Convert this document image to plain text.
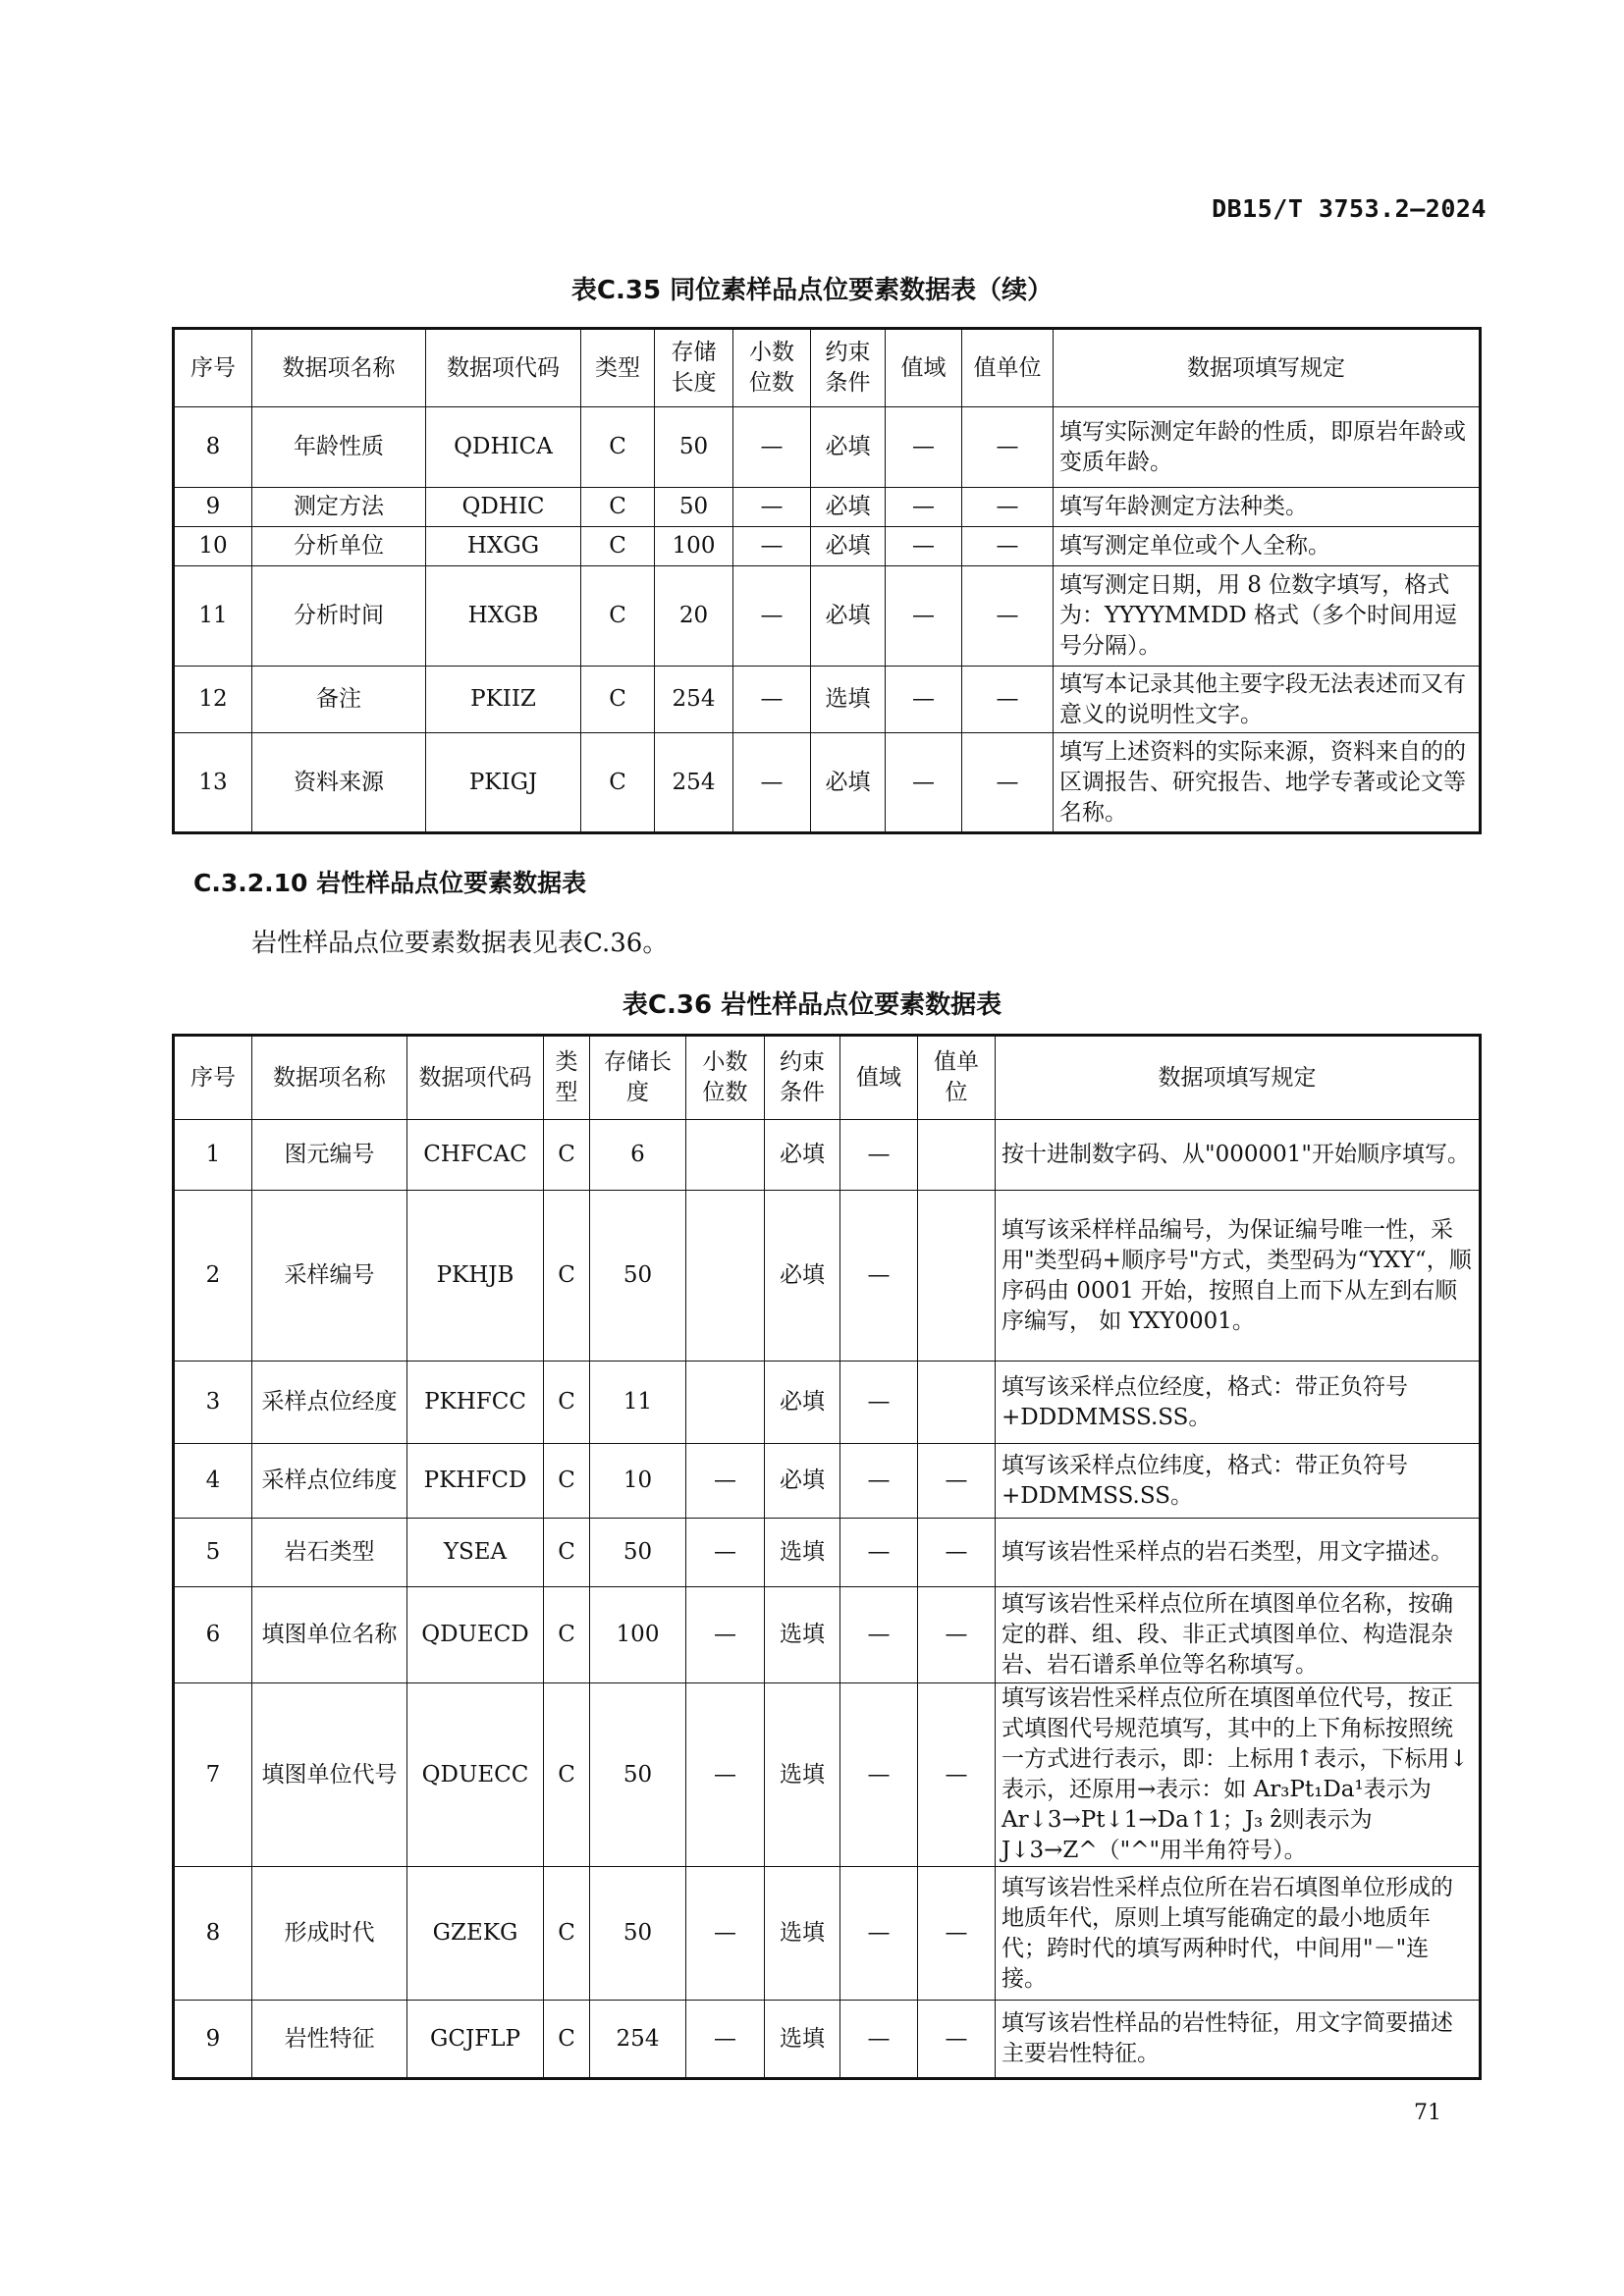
DB15/T 3753.2—2024
表C.35 同位素样品点位要素数据表（续）
序号	数据项名称	数据项代码	类型	存储长度	小数位数	约束条件	值域	值单位	数据项填写规定
8	年龄性质	QDHICA	C	50	—	必填	—	—	填写实际测定年龄的性质，即原岩年龄或 变质年龄。
9	测定方法	QDHIC	C	50	—	必填	—	—	填写年龄测定方法种类。
10	分析单位	HXGG	C	100	—	必填	—	—	填写测定单位或个人全称。
11	分析时间	HXGB	C	20	—	必填	—	—	填写测定日期，用 8 位数字填写，格式为：YYYYMMDD 格式（多个时间用逗号分隔）。
12	备注	PKIIZ	C	254	—	选填	—	—	填写本记录其他主要字段无法表述而又有意义的说明性文字。
13	资料来源	PKIGJ	C	254	—	必填	—	—	填写上述资料的实际来源，资料来自的的区调报告、研究报告、地学专著或论文等名称。
C.3.2.10 岩性样品点位要素数据表
岩性样品点位要素数据表见表C.36。
表C.36 岩性样品点位要素数据表
序号	数据项名称	数据项代码	类型	存储长度	小数位数	约束条件	值域	值单位	数据项填写规定
1	图元编号	CHFCAC	C	6		必填	—		按十进制数字码、从"000001"开始顺序填写。
2	采样编号	PKHJB	C	50		必填	—		填写该采样样品编号，为保证编号唯一性，采用"类型码+顺序号"方式，类型码为“YXY“，顺序码由 0001 开始，按照自上而下从左到右顺序编写， 如 YXY0001。
3	采样点位经度	PKHFCC	C	11		必填	—		填写该采样点位经度，格式：带正负符号+DDDMMSS.SS。
4	采样点位纬度	PKHFCD	C	10	—	必填	—	—	填写该采样点位纬度，格式：带正负符号+DDMMSS.SS。
5	岩石类型	YSEA	C	50	—	选填	—	—	填写该岩性采样点的岩石类型，用文字描述。
6	填图单位名称	QDUECD	C	100	—	选填	—	—	填写该岩性采样点位所在填图单位名称，按确定的群、组、段、非正式填图单位、构造混杂岩、岩石谱系单位等名称填写。
7	填图单位代号	QDUECC	C	50	—	选填	—	—	填写该岩性采样点位所在填图单位代号，按正式填图代号规范填写，其中的上下角标按照统一方式进行表示，即：上标用↑表示，下标用↓表示，还原用→表示：如 Ar₃Pt₁Da¹表示为 Ar↓3→Pt↓1→Da↑1；J₃ ẑ则表示为 J↓3→Z^（"^"用半角符号）。
8	形成时代	GZEKG	C	50	—	选填	—	—	填写该岩性采样点位所在岩石填图单位形成的地质年代，原则上填写能确定的最小地质年代；跨时代的填写两种时代，中间用"－"连接。
9	岩性特征	GCJFLP	C	254	—	选填	—	—	填写该岩性样品的岩性特征，用文字简要描述主要岩性特征。
71
